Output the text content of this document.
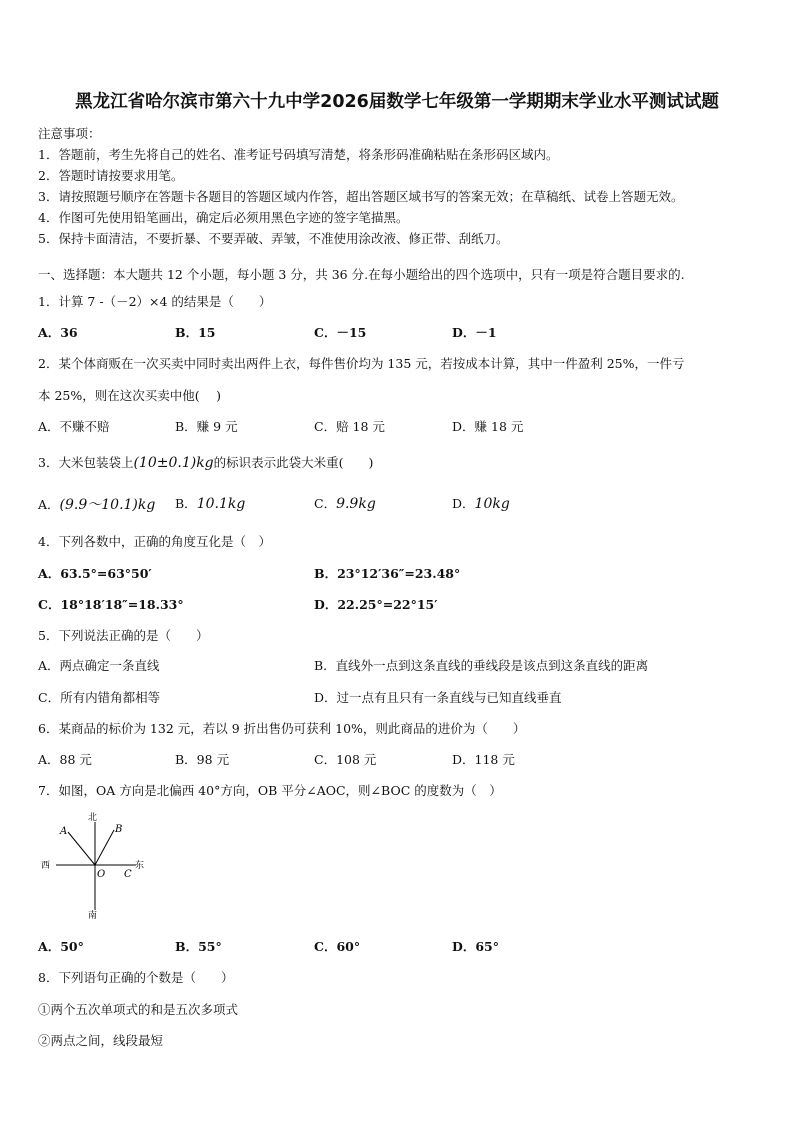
黑龙江省哈尔滨市第六十九中学2026届数学七年级第一学期期末学业水平测试试题
注意事项：
1．答题前，考生先将自己的姓名、准考证号码填写清楚，将条形码准确粘贴在条形码区域内。
2．答题时请按要求用笔。
3．请按照题号顺序在答题卡各题目的答题区域内作答，超出答题区域书写的答案无效；在草稿纸、试卷上答题无效。
4．作图可先使用铅笔画出，确定后必须用黑色字迹的签字笔描黑。
5．保持卡面清洁，不要折暴、不要弄破、弄皱，不准使用涂改液、修正带、刮纸刀。
一、选择题：本大题共 12 个小题，每小题 3 分，共 36 分.在每小题给出的四个选项中，只有一项是符合题目要求的.
1．计算 7 -（－2）×4 的结果是（　　）
A．36	B．15	C．－15	D．－1
2．某个体商贩在一次买卖中同时卖出两件上衣，每件售价均为 135 元，若按成本计算，其中一件盈利 25%，一件亏
本 25%，则在这次买卖中他(　 )
A．不赚不赔	B．赚 9 元	C．赔 18 元	D．赚 18 元
3．大米包装袋上(10±0.1)kg的标识表示此袋大米重(　　)
A．(9.9～10.1)kg B．10.1kg	C．9.9kg	D．10kg
4．下列各数中，正确的角度互化是（　）
A．63.5°=63°50′	B．23°12′36″=23.48°
C．18°18′18″=18.33°	D．22.25°=22°15′
5．下列说法正确的是（　　）
A．两点确定一条直线	B．直线外一点到这条直线的垂线段是该点到这条直线的距离
C．所有内错角都相等	D．过一点有且只有一条直线与已知直线垂直
6．某商品的标价为 132 元，若以 9 折出售仍可获利 10%，则此商品的进价为（　　）
A．88 元	B．98 元	C．108 元	D．118 元
7．如图，OA 方向是北偏西 40°方向，OB 平分∠AOC，则∠BOC 的度数为（　）
北
南
西	东
A	B
O C
A．50°	B．55°	C．60°	D．65°
8．下列语句正确的个数是（　　）
①两个五次单项式的和是五次多项式
②两点之间，线段最短
